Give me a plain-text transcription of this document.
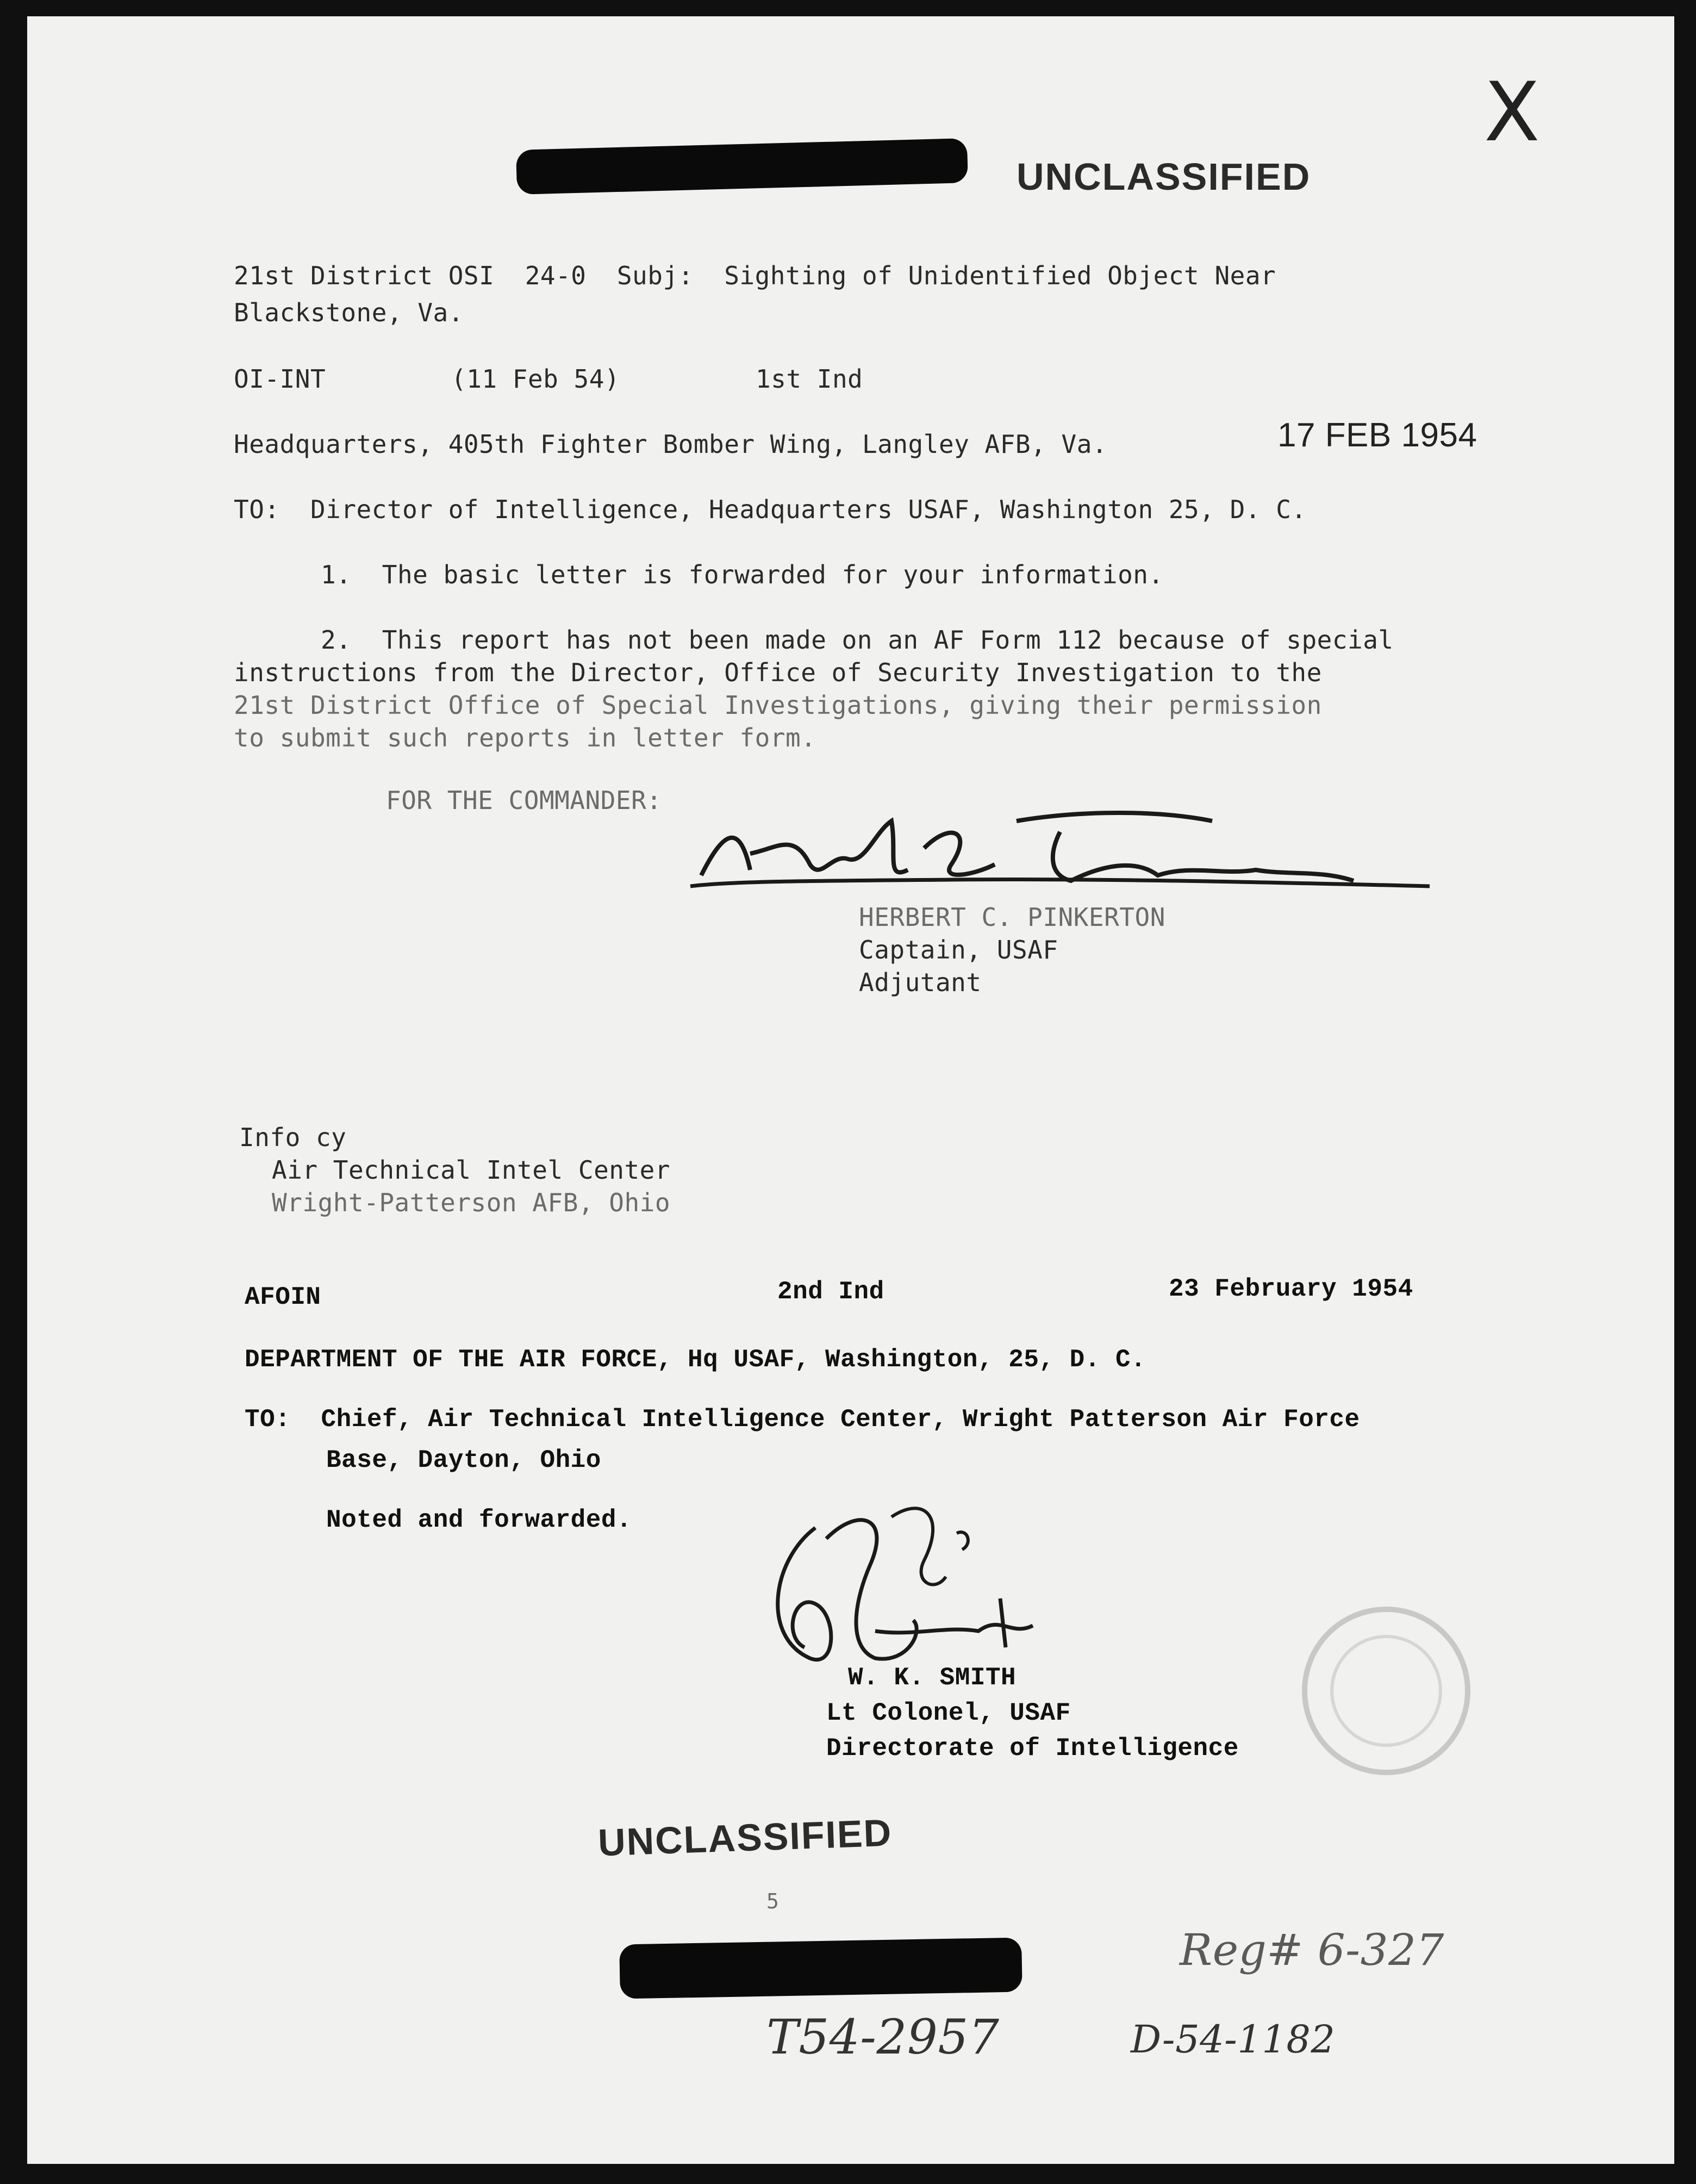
UNCLASSIFIED
X
21st District OSI  24-0  Subj:  Sighting of Unidentified Object Near
Blackstone, Va.
OI-INT	(11 Feb 54)	1st Ind
Headquarters, 405th Fighter Bomber Wing, Langley AFB, Va.	17 FEB 1954
TO:  Director of Intelligence, Headquarters USAF, Washington 25, D. C.
1.  The basic letter is forwarded for your information.
2.  This report has not been made on an AF Form 112 because of special
instructions from the Director, Office of Security Investigation to the
21st District Office of Special Investigations, giving their permission
to submit such reports in letter form.
FOR THE COMMANDER:
HERBERT C. PINKERTON
Captain, USAF
Adjutant
Info cy
Air Technical Intel Center
Wright-Patterson AFB, Ohio
AFOIN	2nd Ind	23 February 1954
DEPARTMENT OF THE AIR FORCE, Hq USAF, Washington, 25, D. C.
TO:  Chief, Air Technical Intelligence Center, Wright Patterson Air Force
Base, Dayton, Ohio
Noted and forwarded.
W. K. SMITH
Lt Colonel, USAF
Directorate of Intelligence
UNCLASSIFIED
5
Reg# 6-327
T54-2957	D-54-1182
